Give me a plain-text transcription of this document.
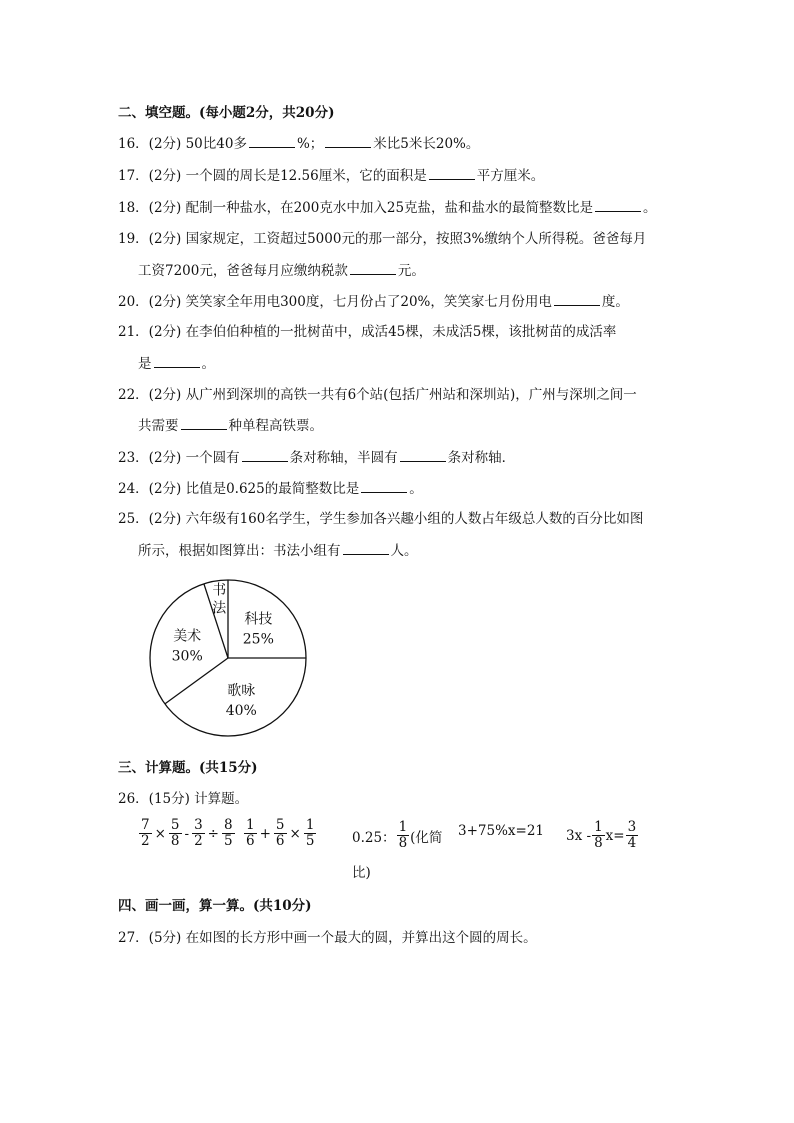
二、填空题。(每小题2分，共20分)
16．(2分) 50比40多	%；	米比5米长20%。
17．(2分) 一个圆的周长是12.56厘米，它的面积是	平方厘米。
18．(2分) 配制一种盐水，在200克水中加入25克盐，盐和盐水的最简整数比是	。
19．(2分) 国家规定，工资超过5000元的那一部分，按照3%缴纳个人所得税。爸爸每月
工资7200元，爸爸每月应缴纳税款	元。
20．(2分) 笑笑家全年用电300度，七月份占了20%，笑笑家七月份用电	度。
21．(2分) 在李伯伯种植的一批树苗中，成活45棵，未成活5棵，该批树苗的成活率
是	。
22．(2分) 从广州到深圳的高铁一共有6个站(包括广州站和深圳站)，广州与深圳之间一
共需要	种单程高铁票。
23．(2分) 一个圆有	条对称轴，半圆有	条对称轴．
24．(2分) 比值是0.625的最简整数比是	。
25．(2分) 六年级有160名学生，学生参加各兴趣小组的人数占年级总人数的百分比如图
所示，根据如图算出：书法小组有	人。
科技
25%
书
法
美术
30%
歌咏
40%
三、计算题。(共15分)
26．(15分) 计算题。
$\frac{7}{2} \times \frac{5}{8} - \frac{3}{2} \div \frac{8}{5} \frac{1}{6} + \frac{5}{6} \times \frac{1}{5}$	0.25： $\frac{1}{8}$ (化简
比)
3+75%x=21 $3x - \frac{1}{8} x= \frac{3}{4}$
四、画一画，算一算。(共10分)
27．(5分) 在如图的长方形中画一个最大的圆，并算出这个圆的周长。
